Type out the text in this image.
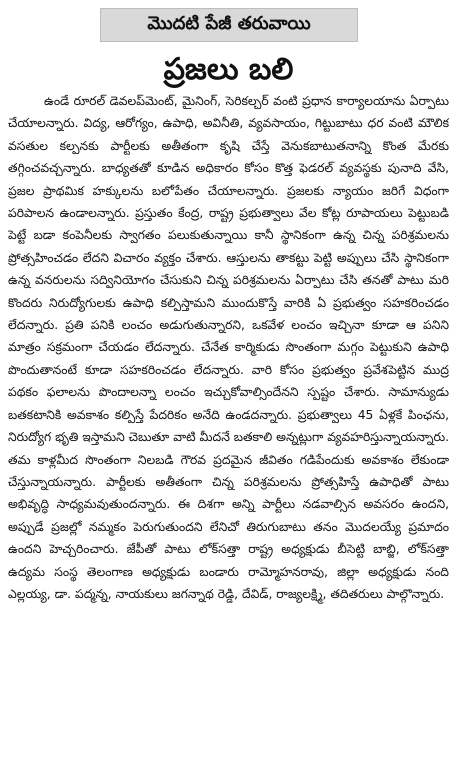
మొదటి పేజీ తరువాయి
ప్రజలు బలి

ఉండే రూరల్ డెవలప్‌మెంట్, మైనింగ్, సెరికల్చర్ వంటి ప్రధాన కార్యాలయాను ఏర్పాటు చేయాలన్నారు. విద్య, ఆరోగ్యం, ఉపాధి, అవినీతి, వ్యవసాయం, గిట్టుబాటు ధర వంటి మౌలిక వసతుల కల్పనకు పార్టీలకు అతీతంగా కృషి చేస్తే వెనుకబాటుతనాన్ని కొంత మేరకు తగ్గించవచ్చన్నారు. బాధ్యతతో కూడిన అధికారం కోసం కొత్త ఫెడరల్ వ్యవస్థకు పునాది వేసి, ప్రజల ప్రాథమిక హక్కులను బలోపేతం చేయాలన్నారు. ప్రజలకు న్యాయం జరిగే విధంగా పరిపాలన ఉండాలన్నారు. ప్రస్తుతం కేంద్ర, రాష్ట్ర ప్రభుత్వాలు వేల కోట్ల రూపాయలు పెట్టుబడి పెట్టే బడా కంపెనీలకు స్వాగతం పలుకుతున్నాయి కానీ స్థానికంగా ఉన్న చిన్న పరిశ్రమలను ప్రోత్సహించడం లేదని విచారం వ్యక్తం చేశారు. ఆస్తులను తాకట్టు పెట్టి అప్పులు చేసి స్థానికంగా ఉన్న వనరులను సద్వినియోగం చేసుకుని చిన్న పరిశ్రమలను ఏర్పాటు చేసి తనతో పాటు మరి కొందరు నిరుద్యోగులకు ఉపాధి కల్పిస్తామని ముందుకొస్తే వారికి ఏ ప్రభుత్వం సహకరించడం లేదన్నారు. ప్రతి పనికి లంచం అడుగుతున్నారని, ఒకవేళ లంచం ఇచ్చినా కూడా ఆ పనిని మాత్రం సక్రమంగా చేయడం లేదన్నారు. చేనేత కార్మికుడు సొంతంగా మగ్గం పెట్టుకుని ఉపాధి పొందుతానంటే కూడా సహకరించడం లేదన్నారు. వారి కోసం ప్రభుత్వం ప్రవేశపెట్టిన ముద్ర పథకం ఫలాలను పొందాలన్నా లంచం ఇచ్చుకోవాల్సిందేనని స్పష్టం చేశారు. సామాన్యుడు బతకటానికి అవకాశం కల్పిస్తే పేదరికం అనేది ఉండదన్నారు. ప్రభుత్వాలు 45 ఏళ్లకే పింఛను, నిరుద్యోగ భృతి ఇస్తామని చెబుతూ వాటి మీదనే బతకాలి అన్నట్లుగా వ్యవహరిస్తున్నాయన్నారు. తమ కాళ్లమీద సొంతంగా నిలబడి గౌరవ ప్రదమైన జీవితం గడిపేందుకు అవకాశం లేకుండా చేస్తున్నాయన్నారు. పార్టీలకు అతీతంగా చిన్న పరిశ్రమలను ప్రోత్సహిస్తే ఉపాధితో పాటు అభివృద్ధి సాధ్యమవుతుందన్నారు. ఈ దిశగా అన్ని పార్టీలు నడవాల్సిన అవసరం ఉందని, అప్పుడే ప్రజల్లో నమ్మకం పెరుగుతుందని లేనిచో తిరుగుబాటు తనం మొదలయ్యే ప్రమాదం ఉందని హెచ్చరించారు. జేపీతో పాటు లోక్‌సత్తా రాష్ట్ర అధ్యక్షుడు బీసెట్టి బాబ్జి, లోక్‌సత్తా ఉద్యమ సంస్థ తెలంగాణ అధ్యక్షుడు బండారు రామ్మోహనరావు, జిల్లా అధ్యక్షుడు నంది ఎల్లయ్య, డా. పద్మన్న, నాయకులు జగన్నాథ రెడ్డి, దేవిడ్, రాజ్యలక్ష్మి, తదితరులు పాల్గొన్నారు.
